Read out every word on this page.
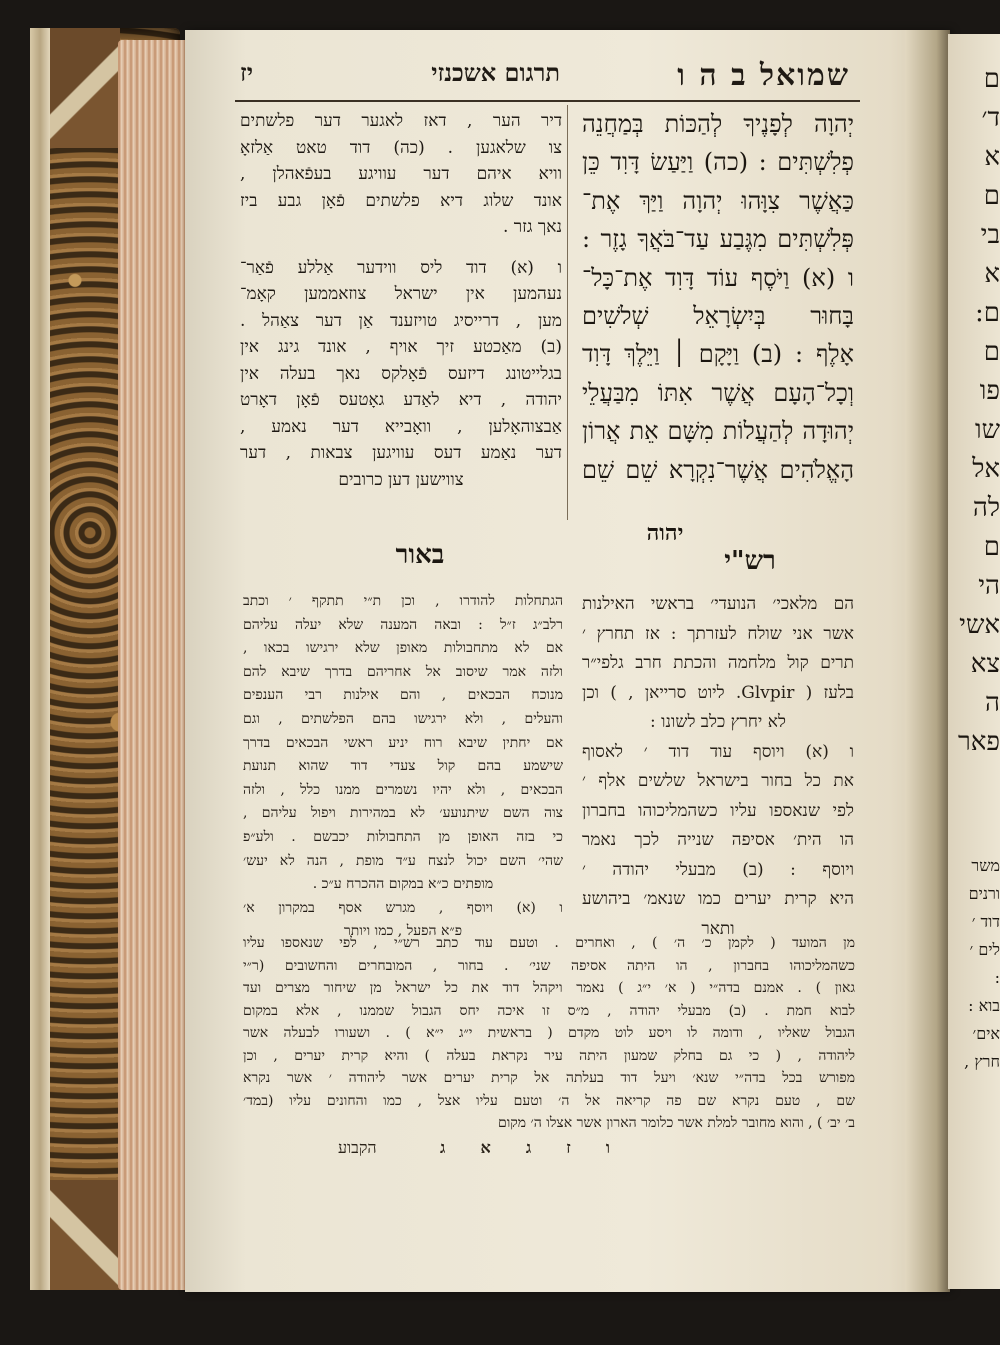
שמואל ב ה ו
תרגום אשכנזי
יז
יְהוָה לְפָנֶיךָ לְהַכּוֹת בְּמַחֲנֵה
פְלִשְׁתִּים : (כה) וַיַּעַשׂ דָּוִד כֵּן
כַּאֲשֶׁר צִוָּהוּ יְהוָה וַיַּךְ אֶת־
פְּלִשְׁתִּים מִגֶּבַע עַד־בֹּאֲךָ גָזֶר :
ו (א) וַיֹּסֶף עוֹד דָּוִד אֶת־כָּל־
בָּחוּר בְּיִשְׂרָאֵל שְׁלשִׁים
אָלֶף : (ב) וַיָּקָם ׀ וַיֵּלֶךְ דָּוִד
וְכָל־הָעָם אֲשֶׁר אִתּוֹ מִבַּעֲלֵי
יְהוּדָה לְהַעֲלוֹת מִשָּׁם אֵת אֲרוֹן
הָאֱלֹהִים אֲשֶׁר־נִקְרָא שֵׁם שֵׁם
יהוה
דיר הער , דאז לאגער דער פלשתים
צו שלאגען . (כה) דוד טאט אַלזאָ
וויא איהם דער עוויגע בעפֿאהלן ,
אונד שלוג דיא פלשתים פֿאָן גבע ביז
נאך גזר .
ו (א) דוד ליס ווידער אַללע פֿאַר־
נעהמען אין ישראל צוזאממען קאָמ־
מען , דרייסיג טויזענד אַן דער צאַהל .
(ב) מאַכטע זיך אויף , אונד גינג אין
בגלייטונג דיזעס פֿאָלקס נאך בעלה אין
יהודה , דיא לאַדע גאָטעס פֿאָן דאָרט
אַבצוהאָלען , וואָבייא דער נאמע ,
דער נאַמע דעס עוויגען צבאות , דער
צווישען דען כרובים
באור	רש"י
הם מלאכי׳ הנועדי׳ בראשי האילנות
אשר אני שולח לעזרתך : אז תחרץ ׳
תרים קול מלחמה והכתת חרב גלפי״ר
בלעז ( Glvpir. ליוט סרייאן , ) וכן
לא יחרץ כלב לשונו :
ו (א) ויוסף עוד דוד ׳ לאסוף
את כל בחור בישראל שלשים אלף ׳
לפי שנאספו עליו כשהמליכוהו בחברון
הו הית׳ אסיפה שנייה לכך נאמר
ויוסף : (ב) מבעלי יהודה ׳
היא קרית יערים כמו שנאמ׳ ביהושע
ותאר
הגתחלות להודרו , וכן ת״י תתקף ׳ וכתב
רלב״ג ז״ל : ובאה המענה שלא יעלה עליהם
אם לא מתחבולות מאופן שלא ירגישו בכאו ,
ולזה אמר שיסוב אל אחריהם בדרך שיבא להם
מנוכח הבכאים , והם אילנות רבי הענפים
והעלים , ולא ירגישו בהם הפלשתים , וגם
אם יחתין שיבא רוח יניע ראשי הבכאים בדרך
שישמע בהם קול צעדי דוד שהוא תנועת
הבכאים , ולא יהיו נשמרים ממנו כלל , ולזה
צוה השם שיתנועע׳ לא במהירות ויפול עליהם ,
כי בזה האופן מן התחבולות יכבשם . ולע״פ
שהי׳ השם יכול לנצח ע״ד מופת , הנה לא יעש׳
מופתים כ״א במקום ההכרח ע״כ .
ו (א) ויוסף , מגרש אסף במקרון א׳
פ״א הפעל , כמו ויותר
מן המועד ( לקמן כ׳ ה׳ ) , ואחרים . וטעם עוד כתב רש״י , לפי שנאספו עליו
כשהמליכוהו בחברון , הו היתה אסיפה שני׳ . בחור , המובחרים והחשובים (ר״י
גאון ) . אמנם בדה״י ( א׳ י״ג ) נאמר ויקהל דוד את כל ישראל מן שיחור מצרים ועד
לבוא חמת . (ב) מבעלי יהודה , מ״ס זו איכה יחס הגבול שממנו , אלא במקום
הגבול שאליו , ודומה לו ויסע לוט מקדם ( בראשית י״ג י״א ) . ושעורו לבעלה אשר
ליהודה , ( כי גם בחלק שמעון היתה עיר נקראת בעלה ) והיא קרית יערים , וכן
מפורש בכל בדה״י שנא׳ ויעל דוד בעלתה אל קרית יערים אשר ליהודה ׳ אשר נקרא
שם , טעם נקרא שם פה קריאה אל ה׳ וטעם עליו אצל , כמו והחונים עליו (במד׳
ב׳ יב׳ ) , והוא מחובר למלת אשר כלומר הארון אשר אצלו ה׳ מקום
הקבוע	ג א ג ז ו
ם
ד׳
א
ם
בי
א
ם:
ם
פו
שו
אל
לה
ם
הי
אשי
צא
ה
פאר
משר
ורנים
דוד ׳
לים ׳
:
בוא :
אים׳
חרץ ,
